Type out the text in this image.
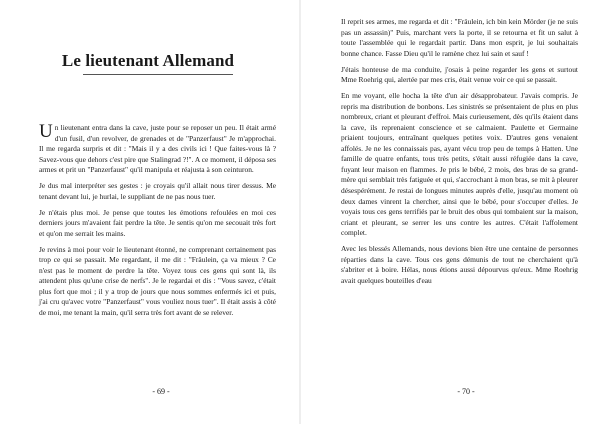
Le lieutenant Allemand

Un lieutenant entra dans la cave, juste pour se reposer un peu. Il était armé d'un fusil, d'un revolver, de grenades et de "Panzerfaust" Je m'approchai. Il me regarda surpris et dit : "Mais il y a des civils ici ! Que faites-vous là ? Savez-vous que dehors c'est pire que Stalingrad ?!". A ce moment, il déposa ses armes et prit un "Panzerfaust" qu'il manipula et réajusta à son ceinturon.

Je dus mal interpréter ses gestes : je croyais qu'il allait nous tirer dessus. Me tenant devant lui, je hurlai, le suppliant de ne pas nous tuer.

Je n'étais plus moi. Je pense que toutes les émotions refoulées en moi ces derniers jours m'avaient fait perdre la tête. Je sentis qu'on me secouait très fort et qu'on me serrait les mains.

Je revins à moi pour voir le lieutenant étonné, ne comprenant certainement pas trop ce qui se passait. Me regardant, il me dit : "Fräulein, ça va mieux ? Ce n'est pas le moment de perdre la tête. Voyez tous ces gens qui sont là, ils attendent plus qu'une crise de nerfs". Je le regardai et dis : "Vous savez, c'était plus fort que moi ; il y a trop de jours que nous sommes enfermés ici et puis, j'ai cru qu'avec votre "Panzerfaust" vous vouliez nous tuer". Il était assis à côté de moi, me tenant la main, qu'il serra très fort avant de se relever.

- 69 -

Il reprit ses armes, me regarda et dit : "Fräulein, ich bin kein Mörder (je ne suis pas un assassin)" Puis, marchant vers la porte, il se retourna et fit un salut à toute l'assemblée qui le regardait partir. Dans mon esprit, je lui souhaitais bonne chance. Fasse Dieu qu'il le ramène chez lui sain et sauf !

J'étais honteuse de ma conduite, j'osais à peine regarder les gens et surtout Mme Roehrig qui, alertée par mes cris, était venue voir ce qui se passait.

En me voyant, elle hocha la tête d'un air désapprobateur. J'avais compris. Je repris ma distribution de bonbons. Les sinistrés se présentaient de plus en plus nombreux, criant et pleurant d'effroi. Mais curieusement, dès qu'ils étaient dans la cave, ils reprenaient conscience et se calmaient. Paulette et Germaine priaient toujours, entraînant quelques petites voix. D'autres gens venaient affolés. Je ne les connaissais pas, ayant vécu trop peu de temps à Hatten. Une famille de quatre enfants, tous très petits, s'était aussi réfugiée dans la cave, fuyant leur maison en flammes. Je pris le bébé, 2 mois, des bras de sa grand-mère qui semblait très fatiguée et qui, s'accrochant à mon bras, se mit à pleurer désespérément. Je restai de longues minutes auprès d'elle, jusqu'au moment où deux dames vinrent la chercher, ainsi que le bébé, pour s'occuper d'elles. Je voyais tous ces gens terrifiés par le bruit des obus qui tombaient sur la maison, criant et pleurant, se serrer les uns contre les autres. C'était l'affolement complet.

Avec les blessés Allemands, nous devions bien être une centaine de personnes réparties dans la cave. Tous ces gens démunis de tout ne cherchaient qu'à s'abriter et à boire. Hélas, nous étions aussi dépourvus qu'eux. Mme Roehrig avait quelques bouteilles d'eau

- 70 -
